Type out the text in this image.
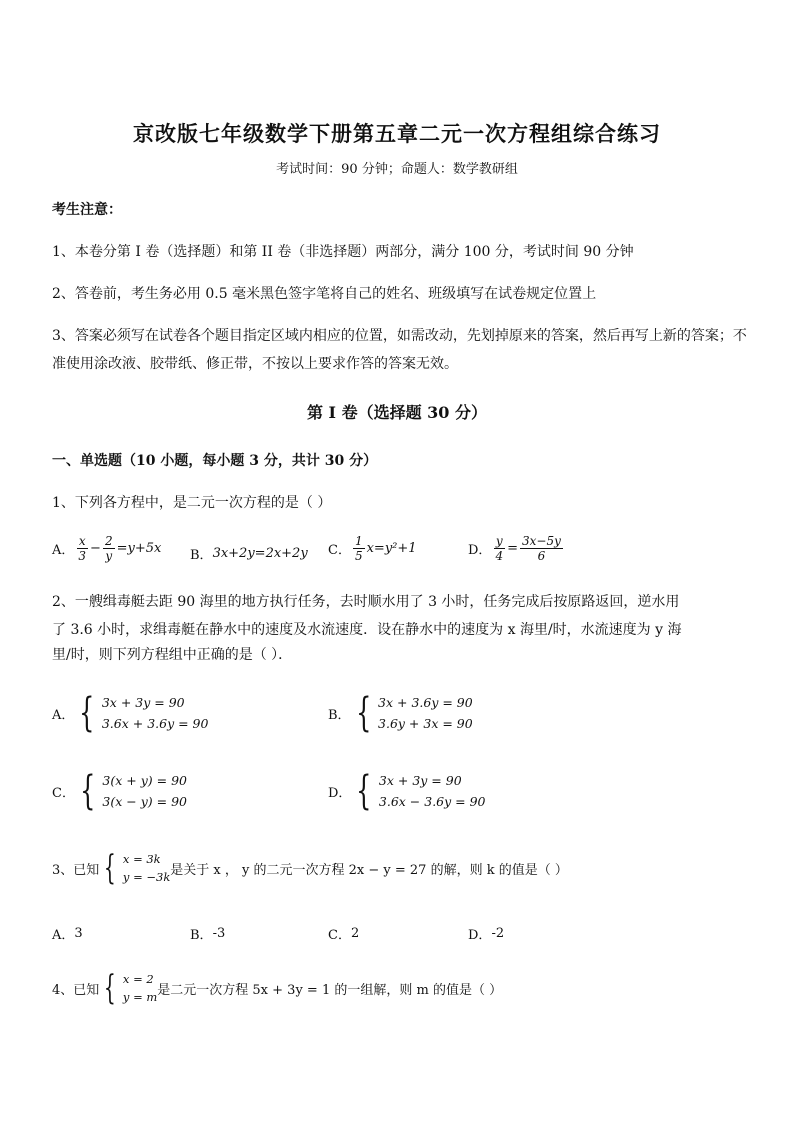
京改版七年级数学下册第五章二元一次方程组综合练习
考试时间：90 分钟；命题人：数学教研组
考生注意：
1、本卷分第 I 卷（选择题）和第 II 卷（非选择题）两部分，满分 100 分，考试时间 90 分钟
2、答卷前，考生务必用 0.5 毫米黑色签字笔将自己的姓名、班级填写在试卷规定位置上
3、答案必须写在试卷各个题目指定区域内相应的位置，如需改动，先划掉原来的答案，然后再写上新的答案；不准使用涂改液、胶带纸、修正带，不按以上要求作答的答案无效。
第 I 卷（选择题 30 分）
一、单选题（10 小题，每小题 3 分，共计 30 分）
1、下列各方程中，是二元一次方程的是（ ）
A． $\frac{x}{3} - \frac{2}{y} =y+5x$ B． 3x+2y=2x+2y C． $\frac{1}{5} x=y^2+1$	D． $\frac{y}{4} = \frac{3x-5y}{6}$
2、一艘缉毒艇去距 90 海里的地方执行任务，去时顺水用了 3 小时，任务完成后按原路返回，逆水用
了 3.6 小时，求缉毒艇在静水中的速度及水流速度．设在静水中的速度为 x 海里/时，水流速度为 y 海
里/时，则下列方程组中正确的是（ ）．
A． { 3x + 3y = 90
3.6x + 3.6y = 90
B． { 3x + 3.6y = 90
3.6y + 3x = 90
C． { 3(x + y) = 90
3(x − y) = 90
D． { 3x + 3y = 90
3.6x − 3.6y = 90
3、已知 { x = 3k
y = −3k 是关于 x ， y 的二元一次方程 2x − y = 27 的解，则 k 的值是（ ）
A． 3	B． -3	C． 2	D． -2
4、已知 { x = 2
y = m 是二元一次方程 5x + 3y = 1 的一组解，则 m 的值是（ ）
